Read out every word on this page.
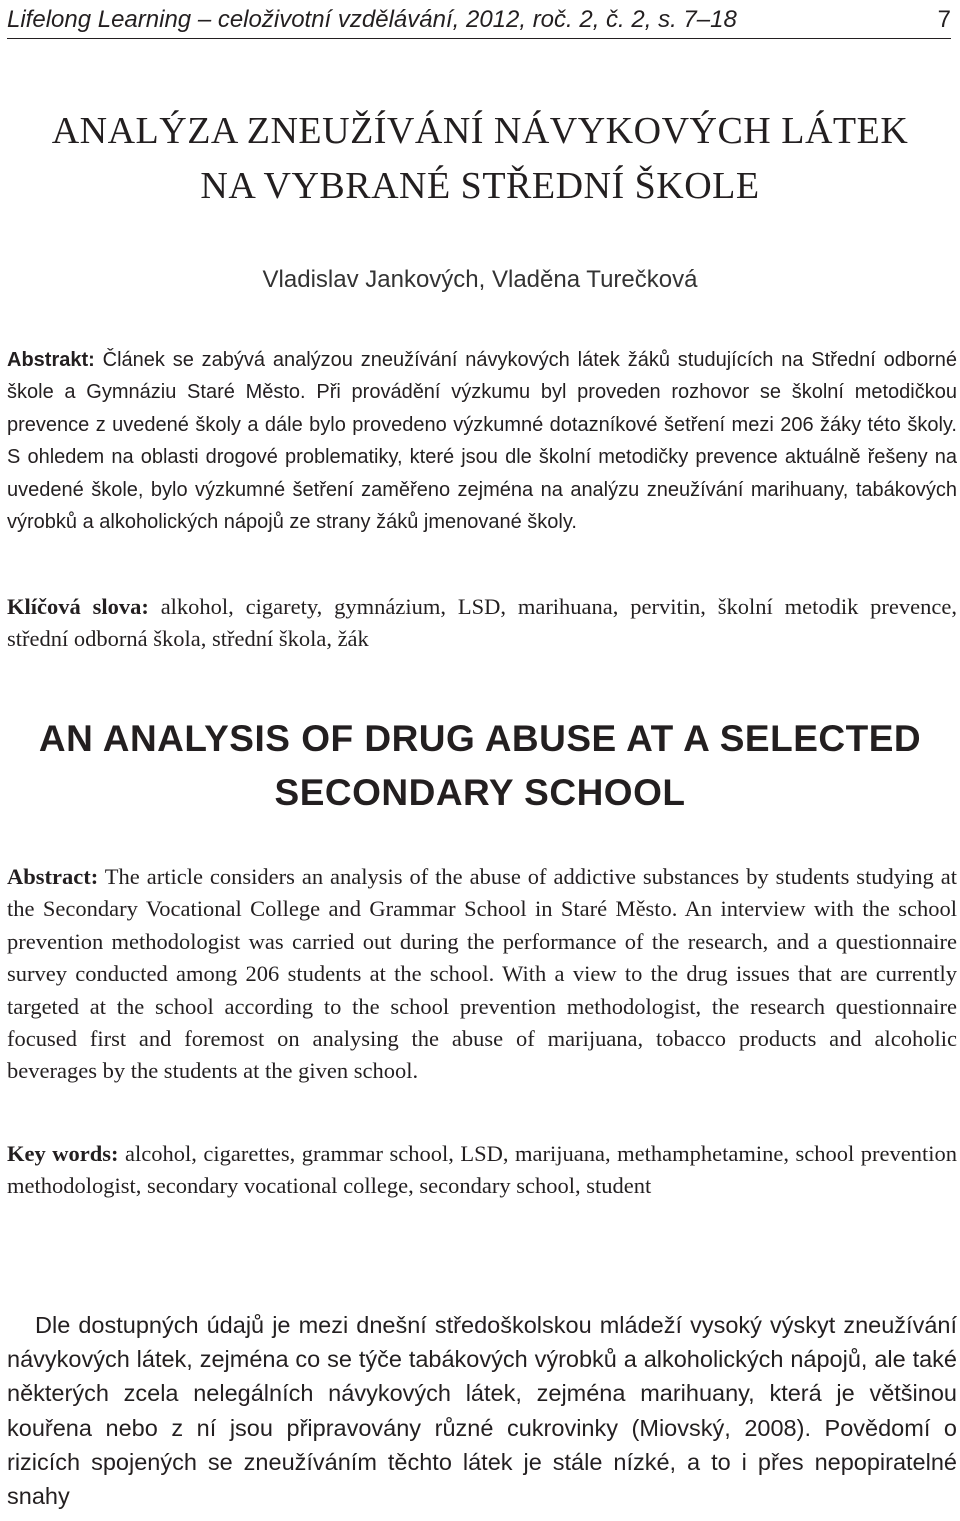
Lifelong Learning – celoživotní vzdělávání, 2012, roč. 2, č. 2, s. 7–18	7
ANALÝZA ZNEUŽÍVÁNÍ NÁVYKOVÝCH LÁTEK
NA VYBRANÉ STŘEDNÍ ŠKOLE
Vladislav Jankových, Vladěna Turečková
Abstrakt: Článek se zabývá analýzou zneužívání návykových látek žáků studujících na Střední odborné škole a Gymnáziu Staré Město. Při provádění výzkumu byl proveden rozhovor se školní metodičkou prevence z uvedené školy a dále bylo provedeno výzkumné dotazníkové šetření mezi 206 žáky této školy. S ohledem na oblasti drogové problematiky, které jsou dle školní metodičky prevence aktuálně řešeny na uvedené škole, bylo výzkumné šetření zaměřeno zejména na analýzu zneužívání marihuany, tabákových výrobků a alkoholických nápojů ze strany žáků jmenované školy.
Klíčová slova: alkohol, cigarety, gymnázium, LSD, marihuana, pervitin, školní metodik prevence, střední odborná škola, střední škola, žák
AN ANALYSIS OF DRUG ABUSE AT A SELECTED
SECONDARY SCHOOL
Abstract: The article considers an analysis of the abuse of addictive substances by students studying at the Secondary Vocational College and Grammar School in Staré Město. An interview with the school prevention methodologist was carried out during the performance of the research, and a questionnaire survey conducted among 206 students at the school. With a view to the drug issues that are currently targeted at the school according to the school prevention methodologist, the research questionnaire focused first and foremost on analysing the abuse of marijuana, tobacco products and alcoholic beverages by the students at the given school.
Key words: alcohol, cigarettes, grammar school, LSD, marijuana, methamphetamine, school prevention methodologist, secondary vocational college, secondary school, student
Dle dostupných údajů je mezi dnešní středoškolskou mládeží vysoký výskyt zneužívání návykových látek, zejména co se týče tabákových výrobků a alkoholických nápojů, ale také některých zcela nelegálních návykových látek, zejména marihuany, která je většinou kouřena nebo z ní jsou připravovány různé cukrovinky (Miovský, 2008). Povědomí o rizicích spojených se zneužíváním těchto látek je stále nízké, a to i přes nepopiratelné snahy
